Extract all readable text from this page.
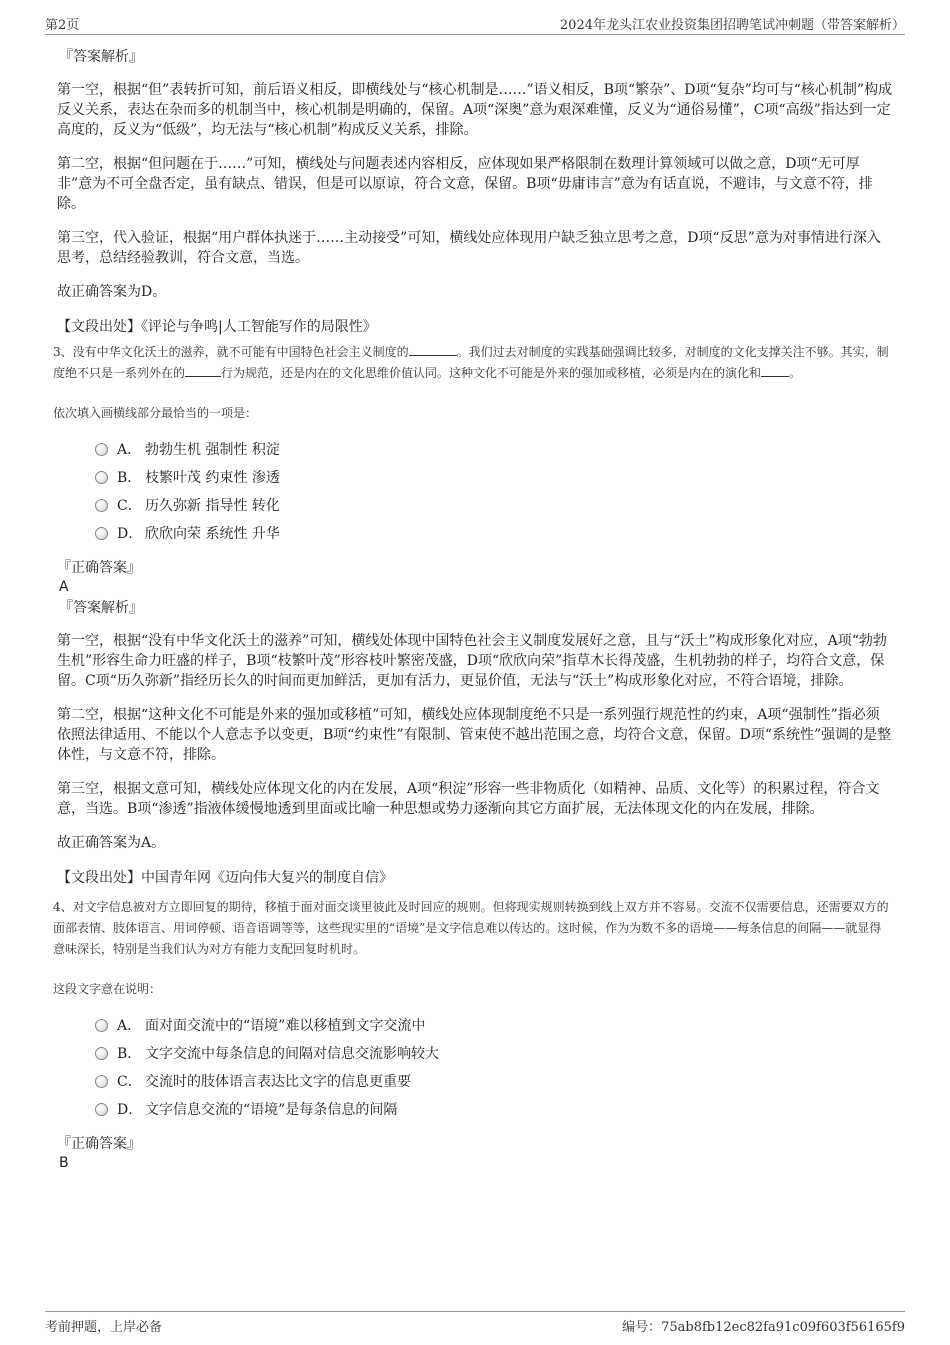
第2页	2024年龙头江农业投资集团招聘笔试冲刺题（带答案解析）
『答案解析』

第一空，根据“但”表转折可知，前后语义相反，即横线处与“核心机制是……”语义相反，B项“繁杂”、D项“复杂”均可与“核心机制”构成反义关系，表达在杂而多的机制当中，核心机制是明确的，保留。A项“深奥”意为艰深难懂，反义为“通俗易懂”，C项“高级”指达到一定高度的，反义为“低级”，均无法与“核心机制”构成反义关系，排除。

第二空，根据“但问题在于……”可知，横线处与问题表述内容相反，应体现如果严格限制在数理计算领域可以做之意，D项“无可厚非”意为不可全盘否定，虽有缺点、错误，但是可以原谅，符合文意，保留。B项“毋庸讳言”意为有话直说，不避讳，与文意不符，排除。

第三空，代入验证，根据“用户群体执迷于……主动接受”可知，横线处应体现用户缺乏独立思考之意，D项“反思”意为对事情进行深入思考，总结经验教训，符合文意，当选。

故正确答案为D。

【文段出处】《评论与争鸣|人工智能写作的局限性》
3、没有中华文化沃土的滋养，就不可能有中国特色社会主义制度的	。我们过去对制度的实践基础强调比较多，对制度的文化支撑关注不够。其实，制度绝不只是一系列外在的	行为规范，还是内在的文化思维价值认同。这种文化不可能是外来的强加或移植，必须是内在的演化和 。
依次填入画横线部分最恰当的一项是：
A． 勃勃生机 强制性 积淀
B． 枝繁叶茂 约束性 渗透
C． 历久弥新 指导性 转化
D． 欣欣向荣 系统性 升华
『正确答案』
A
『答案解析』

第一空，根据“没有中华文化沃土的滋养”可知，横线处体现中国特色社会主义制度发展好之意，且与“沃土”构成形象化对应，A项“勃勃生机”形容生命力旺盛的样子，B项“枝繁叶茂”形容枝叶繁密茂盛，D项“欣欣向荣”指草木长得茂盛，生机勃勃的样子，均符合文意，保留。C项“历久弥新”指经历长久的时间而更加鲜活，更加有活力，更显价值，无法与“沃土”构成形象化对应，不符合语境，排除。

第二空，根据“这种文化不可能是外来的强加或移植”可知，横线处应体现制度绝不只是一系列强行规范性的约束，A项“强制性”指必须依照法律适用、不能以个人意志予以变更，B项“约束性”有限制、管束使不越出范围之意，均符合文意，保留。D项“系统性”强调的是整体性，与文意不符，排除。

第三空，根据文意可知，横线处应体现文化的内在发展，A项“积淀”形容一些非物质化（如精神、品质、文化等）的积累过程，符合文意，当选。B项“渗透”指液体缓慢地透到里面或比喻一种思想或势力逐渐向其它方面扩展，无法体现文化的内在发展，排除。

故正确答案为A。

【文段出处】中国青年网《迈向伟大复兴的制度自信》
4、对文字信息被对方立即回复的期待，移植于面对面交谈里彼此及时回应的规则。但将现实规则转换到线上双方并不容易。交流不仅需要信息，还需要双方的面部表情、肢体语言、用词停顿、语音语调等等，这些现实里的“语境”是文字信息难以传达的。这时候，作为为数不多的语境——每条信息的间隔——就显得意味深长，特别是当我们认为对方有能力支配回复时机时。
这段文字意在说明：
A． 面对面交流中的“语境”难以移植到文字交流中
B． 文字交流中每条信息的间隔对信息交流影响较大
C． 交流时的肢体语言表达比文字的信息更重要
D． 文字信息交流的“语境”是每条信息的间隔
『正确答案』
B
考前押题，上岸必备	编号：75ab8fb12ec82fa91c09f603f56165f9
